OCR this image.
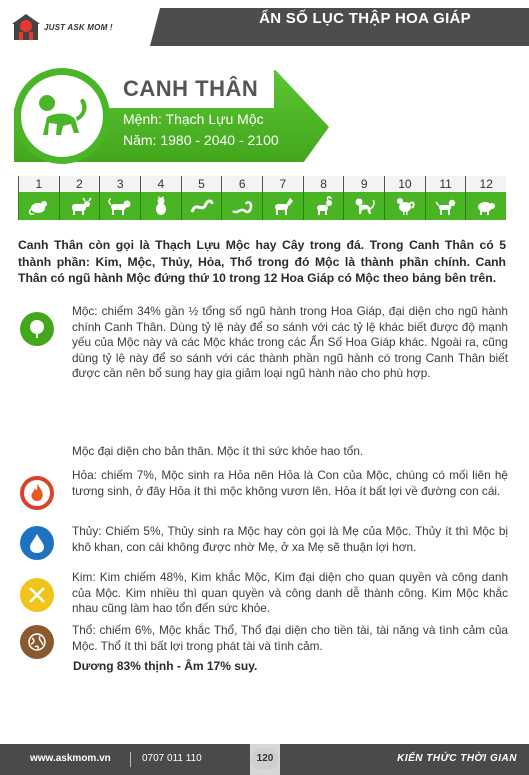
JUST ASK MOM !	ẨN SỐ LỤC THẬP HOA GIÁP
CANH THÂN
Mệnh: Thạch Lựu Mộc
Năm: 1980 - 2040 - 2100
1	2	3	4	5	6	7	8	9	10	11	12
Canh Thân còn gọi là Thạch Lựu Mộc hay Cây trong đá. Trong Canh Thân có 5 thành phần: Kim, Mộc, Thủy, Hỏa, Thổ trong đó Mộc là thành phần chính. Canh Thân có ngũ hành Mộc đứng thứ 10 trong 12 Hoa Giáp có Mộc theo bảng bên trên.
Mộc: chiếm 34% gần ½ tổng số ngũ hành trong Hoa Giáp, đại diện cho ngũ hành chính Canh Thân. Dùng tỷ lệ này để so sánh với các tỷ lệ khác biết được độ mạnh yếu của Mộc này và các Mộc khác trong các Ẩn Số Hoa Giáp khác. Ngoài ra, cũng dùng tỷ lệ này để so sánh với các thành phần ngũ hành có trong Canh Thân biết được cần nên bổ sung hay gia giảm loại ngũ hành nào cho phù hợp.
Mộc đại diện cho bản thân. Mộc ít thì sức khỏe hao tổn.
Hỏa: chiếm 7%, Mộc sinh ra Hỏa nên Hỏa là Con của Mộc, chúng có mối liên hệ tương sinh, ở đây Hỏa ít thì mộc không vươn lên. Hỏa ít bất lợi về đường con cái.
Thủy: Chiếm 5%, Thủy sinh ra Mộc hay còn gọi là Mẹ của Mộc. Thủy ít thì Mộc bị khô khan, con cái không được nhờ Mẹ, ở xa Mẹ sẽ thuận lợi hơn.
Kim: Kim chiếm 48%, Kim khắc Mộc, Kim đại diện cho quan quyền và công danh của Mộc. Kim nhiều thì quan quyền và công danh dễ thành công. Kim Mộc khắc nhau cũng làm hao tổn đến sức khỏe.
Thổ: chiếm 6%, Mộc khắc Thổ, Thổ đại diện cho tiền tài, tài năng và tình cảm của Mộc. Thổ ít thì bất lợi trong phát tài và tình cảm.
Dương 83% thịnh - Âm 17% suy.
www.askmom.vn	0707 011 110	120	KIẾN THỨC THỜI GIAN
